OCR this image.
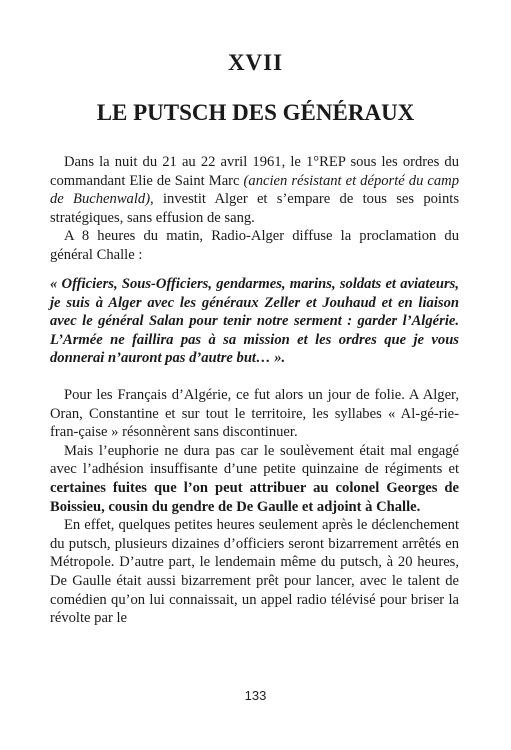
XVII
LE PUTSCH DES GÉNÉRAUX

Dans la nuit du 21 au 22 avril 1961, le 1°REP sous les ordres du commandant Elie de Saint Marc (ancien résistant et déporté du camp de Buchenwald), investit Alger et s’empare de tous ses points stratégiques, sans effusion de sang.

A 8 heures du matin, Radio-Alger diffuse la proclamation du général Challe :

« Officiers, Sous-Officiers, gendarmes, marins, soldats et aviateurs, je suis à Alger avec les généraux Zeller et Jouhaud et en liaison avec le général Salan pour tenir notre serment : garder l’Algérie. L’Armée ne faillira pas à sa mission et les ordres que je vous donnerai n’auront pas d’autre but… ».

Pour les Français d’Algérie, ce fut alors un jour de folie. A Alger, Oran, Constantine et sur tout le territoire, les syllabes « Al-gé-rie-fran-çaise » résonnèrent sans discontinuer.

Mais l’euphorie ne dura pas car le soulèvement était mal engagé avec l’adhésion insuffisante d’une petite quinzaine de régiments et certaines fuites que l’on peut attribuer au colonel Georges de Boissieu, cousin du gendre de De Gaulle et adjoint à Challe.

En effet, quelques petites heures seulement après le déclenchement du putsch, plusieurs dizaines d’officiers seront bizarrement arrêtés en Métropole. D’autre part, le lendemain même du putsch, à 20 heures, De Gaulle était aussi bizarrement prêt pour lancer, avec le talent de comédien qu’on lui connaissait, un appel radio télévisé pour briser la révolte par le

133
